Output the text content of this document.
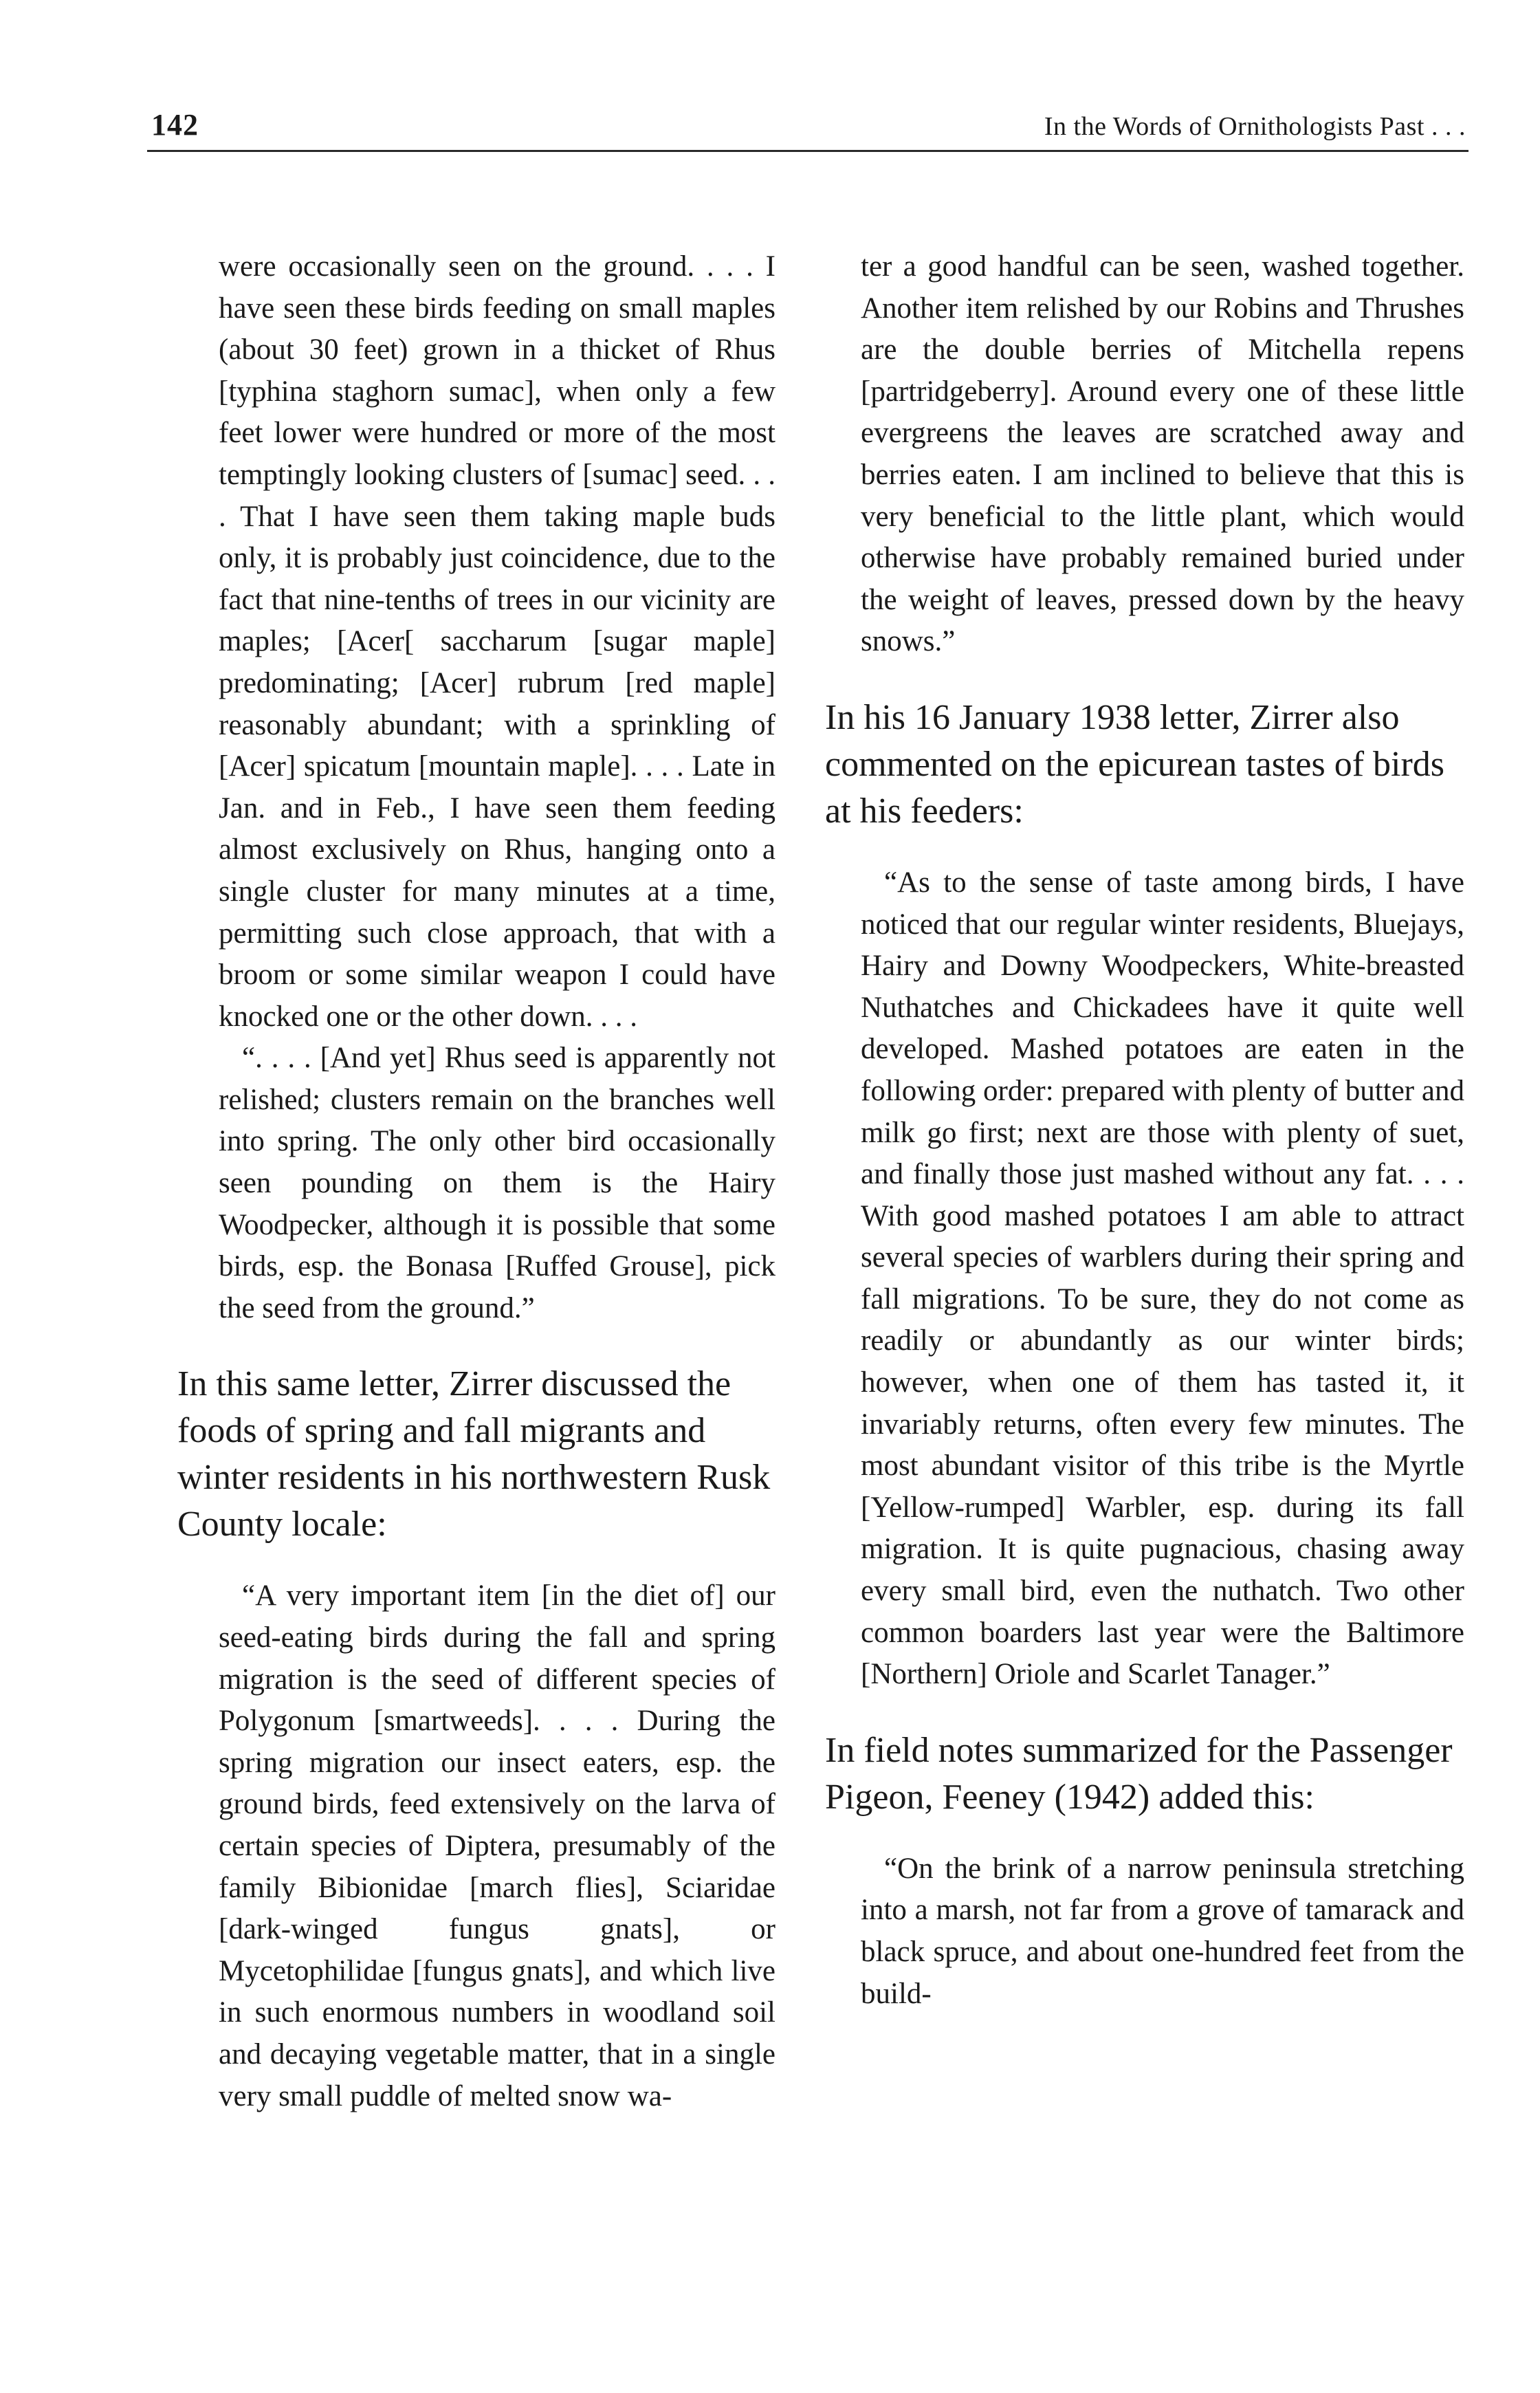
142	In the Words of Ornithologists Past . . .

were occasionally seen on the ground. . . . I have seen these birds feeding on small maples (about 30 feet) grown in a thicket of Rhus [typhina staghorn sumac], when only a few feet lower were hundred or more of the most temptingly looking clusters of [sumac] seed. . . . That I have seen them taking maple buds only, it is probably just coincidence, due to the fact that nine-tenths of trees in our vicinity are maples; [Acer[ saccharum [sugar maple] predominating; [Acer] rubrum [red maple] reasonably abundant; with a sprinkling of [Acer] spicatum [mountain maple]. . . . Late in Jan. and in Feb., I have seen them feeding almost exclusively on Rhus, hanging onto a single cluster for many minutes at a time, permitting such close approach, that with a broom or some similar weapon I could have knocked one or the other down. . . .

“. . . . [And yet] Rhus seed is apparently not relished; clusters remain on the branches well into spring. The only other bird occasionally seen pounding on them is the Hairy Woodpecker, although it is possible that some birds, esp. the Bonasa [Ruffed Grouse], pick the seed from the ground.”

In this same letter, Zirrer discussed the foods of spring and fall migrants and winter residents in his northwestern Rusk County locale:

“A very important item [in the diet of] our seed-eating birds during the fall and spring migration is the seed of different species of Polygonum [smartweeds]. . . . During the spring migration our insect eaters, esp. the ground birds, feed extensively on the larva of certain species of Diptera, presumably of the family Bibionidae [march flies], Sciaridae [dark-winged fungus gnats], or Mycetophilidae [fungus gnats], and which live in such enormous numbers in woodland soil and decaying vegetable matter, that in a single very small puddle of melted snow wa-

ter a good handful can be seen, washed together. Another item relished by our Robins and Thrushes are the double berries of Mitchella repens [partridgeberry]. Around every one of these little evergreens the leaves are scratched away and berries eaten. I am inclined to believe that this is very beneficial to the little plant, which would otherwise have probably remained buried under the weight of leaves, pressed down by the heavy snows.”

In his 16 January 1938 letter, Zirrer also commented on the epicurean tastes of birds at his feeders:

“As to the sense of taste among birds, I have noticed that our regular winter residents, Bluejays, Hairy and Downy Woodpeckers, White-breasted Nuthatches and Chickadees have it quite well developed. Mashed potatoes are eaten in the following order: prepared with plenty of butter and milk go first; next are those with plenty of suet, and finally those just mashed without any fat. . . . With good mashed potatoes I am able to attract several species of warblers during their spring and fall migrations. To be sure, they do not come as readily or abundantly as our winter birds; however, when one of them has tasted it, it invariably returns, often every few minutes. The most abundant visitor of this tribe is the Myrtle [Yellow-rumped] Warbler, esp. during its fall migration. It is quite pugnacious, chasing away every small bird, even the nuthatch. Two other common boarders last year were the Baltimore [Northern] Oriole and Scarlet Tanager.”

In field notes summarized for the Passenger Pigeon, Feeney (1942) added this:

“On the brink of a narrow peninsula stretching into a marsh, not far from a grove of tamarack and black spruce, and about one-hundred feet from the build-
